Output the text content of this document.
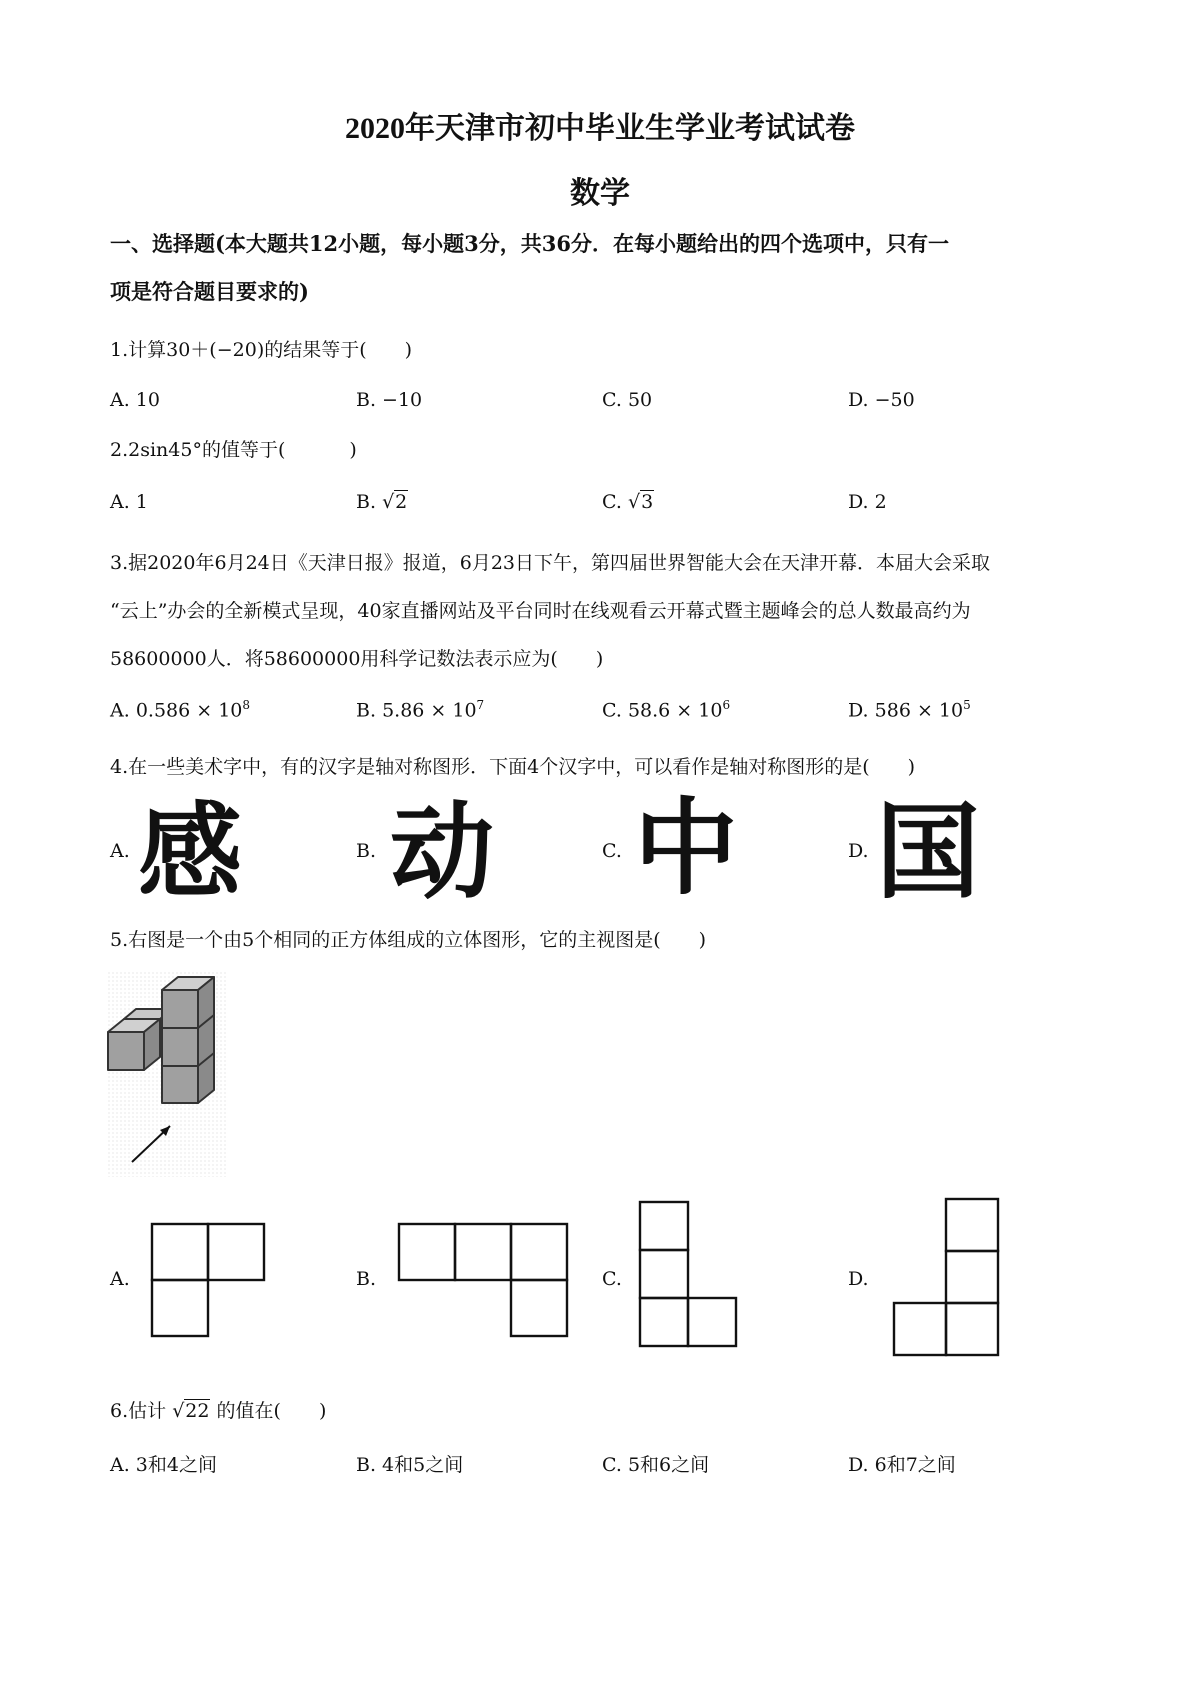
2020年天津市初中毕业生学业考试试卷
数学
一、选择题(本大题共12小题，每小题3分，共36分．在每小题给出的四个选项中，只有一
项是符合题目要求的)
1.计算30＋(−20)的结果等于(　　)
A. 10	B. −10	C. 50	D. −50
2.2sin45°的值等于(	)
A. 1	B. √2	C. √3	D. 2
3.据2020年6月24日《天津日报》报道，6月23日下午，第四届世界智能大会在天津开幕．本届大会采取
“云上”办会的全新模式呈现，40家直播网站及平台同时在线观看云开幕式暨主题峰会的总人数最高约为
58600000人．将58600000用科学记数法表示应为(　　)
A. $0.586 \times 10^8$	B. $5.86 \times 10^7$	C. $58.6 \times 10^6$	D. $586 \times 10^5$
4.在一些美术字中，有的汉字是轴对称图形．下面4个汉字中，可以看作是轴对称图形的是(　　)
A. 感	B. 动	C. 中	D. 国
5.右图是一个由5个相同的正方体组成的立体图形，它的主视图是(　　)
A.	B.	C.	D.
6.估计 √22 的值在(　　)
A. 3和4之间	B. 4和5之间	C. 5和6之间	D. 6和7之间
